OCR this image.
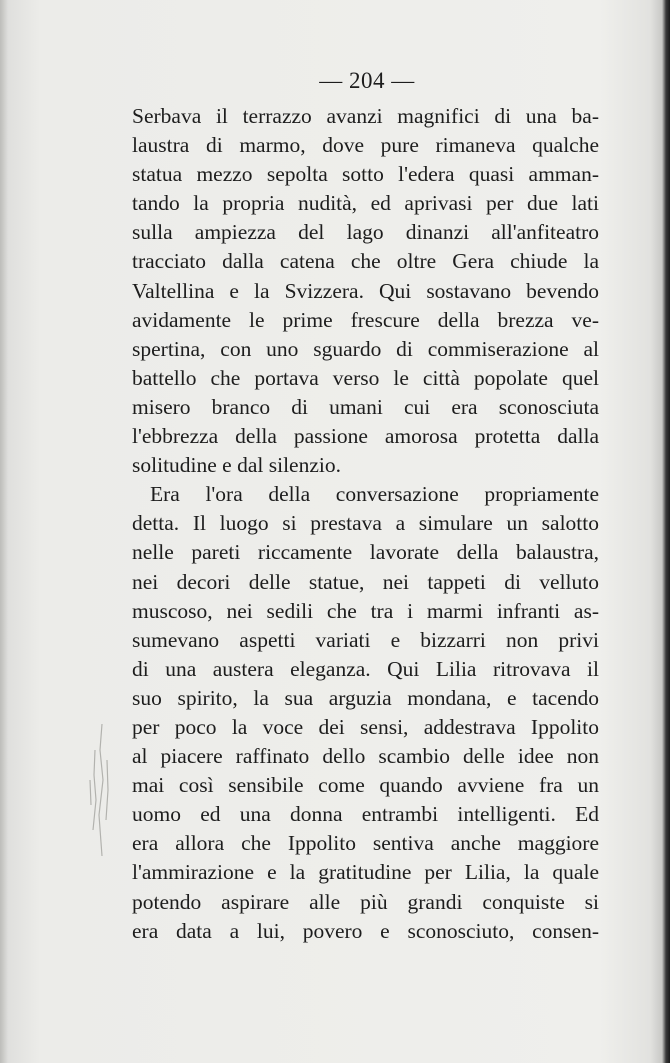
— 204 —
Serbava il terrazzo avanzi magnifici di una ba-
laustra di marmo, dove pure rimaneva qualche
statua mezzo sepolta sotto l'edera quasi amman-
tando la propria nudità, ed aprivasi per due lati
sulla ampiezza del lago dinanzi all'anfiteatro
tracciato dalla catena che oltre Gera chiude la
Valtellina e la Svizzera. Qui sostavano bevendo
avidamente le prime frescure della brezza ve-
spertina, con uno sguardo di commiserazione al
battello che portava verso le città popolate quel
misero branco di umani cui era sconosciuta
l'ebbrezza della passione amorosa protetta dalla
solitudine e dal silenzio.
Era l'ora della conversazione propriamente
detta. Il luogo si prestava a simulare un salotto
nelle pareti riccamente lavorate della balaustra,
nei decori delle statue, nei tappeti di velluto
muscoso, nei sedili che tra i marmi infranti as-
sumevano aspetti variati e bizzarri non privi
di una austera eleganza. Qui Lilia ritrovava il
suo spirito, la sua arguzia mondana, e tacendo
per poco la voce dei sensi, addestrava Ippolito
al piacere raffinato dello scambio delle idee non
mai così sensibile come quando avviene fra un
uomo ed una donna entrambi intelligenti. Ed
era allora che Ippolito sentiva anche maggiore
l'ammirazione e la gratitudine per Lilia, la quale
potendo aspirare alle più grandi conquiste si
era data a lui, povero e sconosciuto, consen-
